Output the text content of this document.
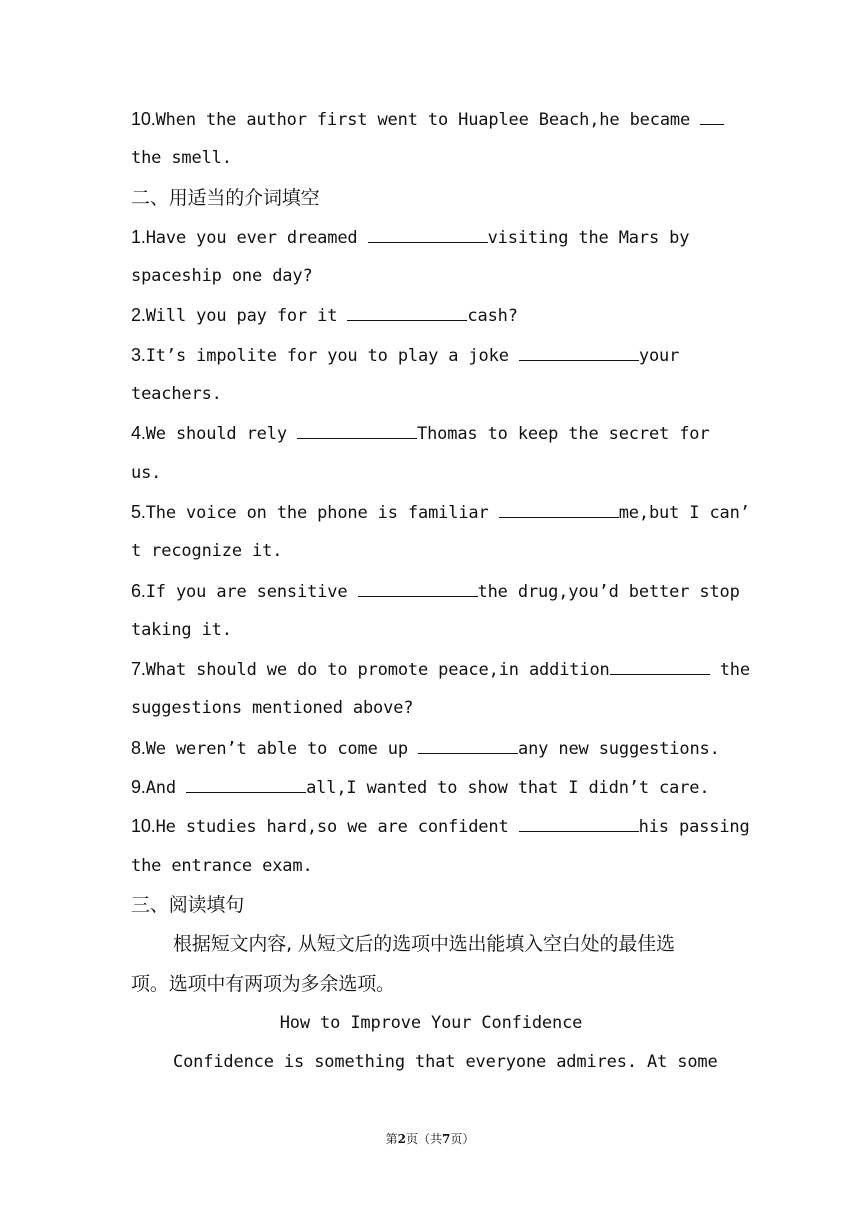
10.When the author first went to Huaplee Beach,he became
the smell.
二、用适当的介词填空
1.Have you ever dreamed	visiting the Mars by
spaceship one day?
2.Will you pay for it	cash?
3.It’s impolite for you to play a joke	your
teachers.
4.We should rely	Thomas to keep the secret for
us.
5.The voice on the phone is familiar	me,but I can’
t recognize it.
6.If you are sensitive	the drug,you’d better stop
taking it.
7.What should we do to promote peace,in addition	the
suggestions mentioned above?
8.We weren’t able to come up	any new suggestions.
9.And	all,I wanted to show that I didn’t care.
10.He studies hard,so we are confident	his passing
the entrance exam.
三、阅读填句
根据短文内容, 从短文后的选项中选出能填入空白处的最佳选
项。选项中有两项为多余选项。
How to Improve Your Confidence
Confidence is something that everyone admires. At some
第2页（共7页）
